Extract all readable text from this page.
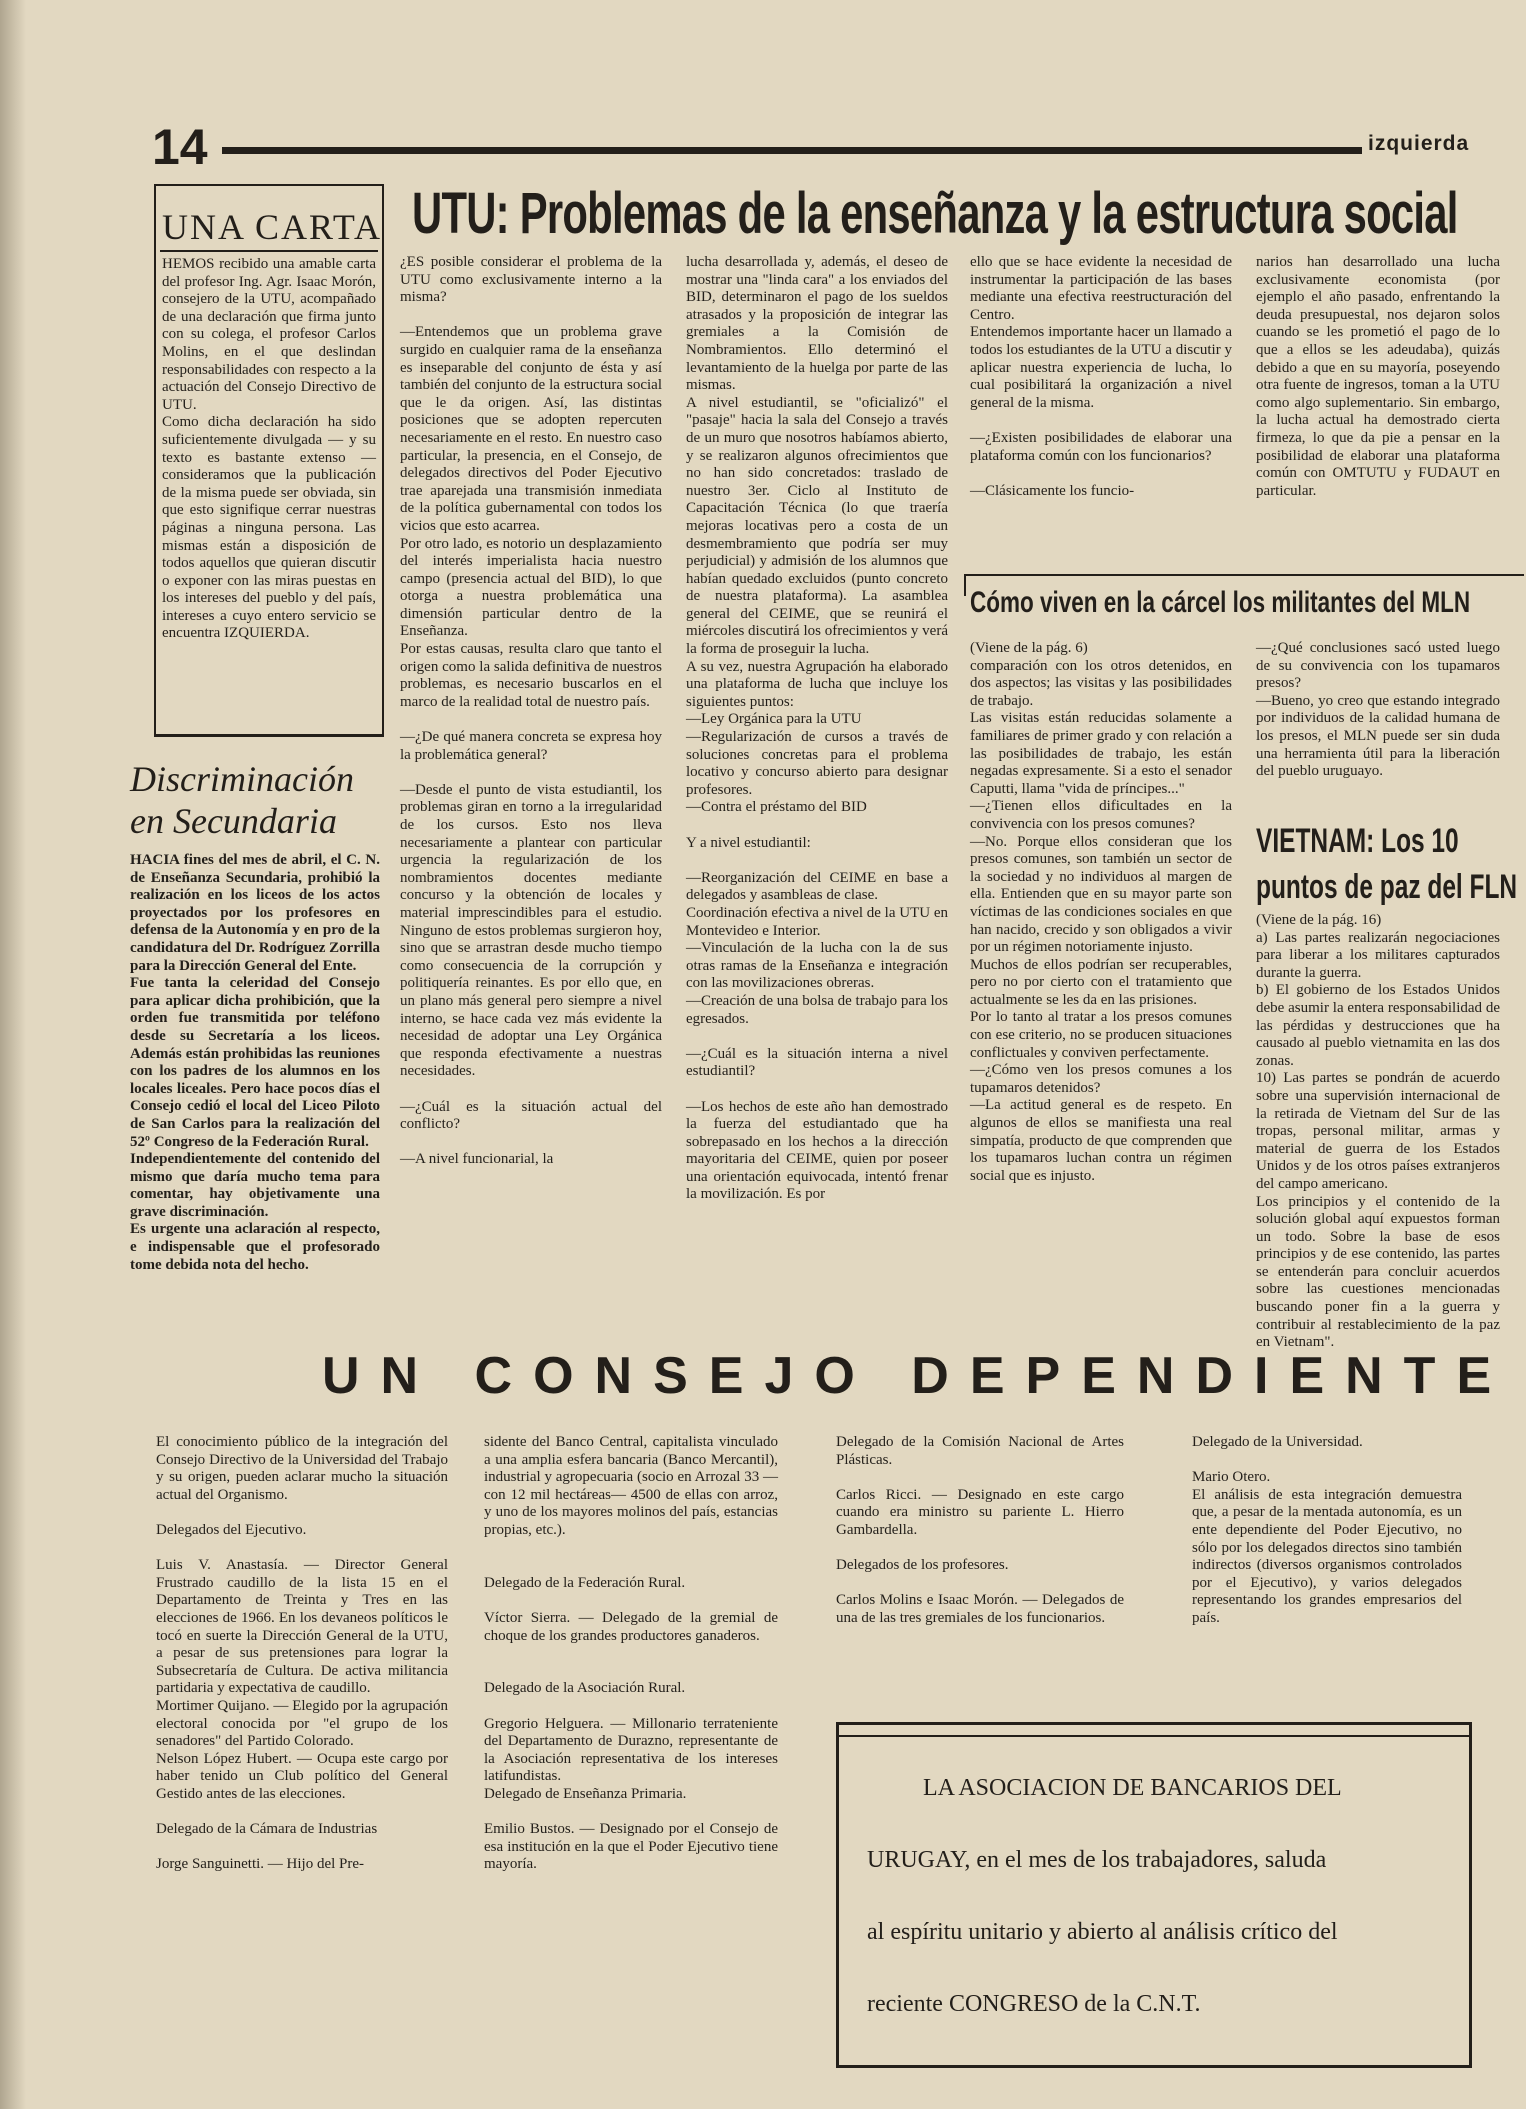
14	izquierda
UNA CARTA
HEMOS recibido una amable carta del profesor Ing. Agr. Isaac Morón, consejero de la UTU, acompañado de una declaración que firma junto con su colega, el profesor Carlos Molins, en el que deslindan responsabilidades con respecto a la actuación del Consejo Directivo de UTU.
Como dicha declaración ha sido suficientemente divulgada — y su texto es bastante extenso — consideramos que la publicación de la misma puede ser obviada, sin que esto signifique cerrar nuestras páginas a ninguna persona. Las mismas están a disposición de todos aquellos que quieran discutir o exponer con las miras puestas en los intereses del pueblo y del país, intereses a cuyo entero servicio se encuentra IZQUIERDA.
Discriminación
en Secundaria
HACIA fines del mes de abril, el C. N. de Enseñanza Secundaria, prohibió la realización en los liceos de los actos proyectados por los profesores en defensa de la Autonomía y en pro de la candidatura del Dr. Rodríguez Zorrilla para la Dirección General del Ente.
Fue tanta la celeridad del Consejo para aplicar dicha prohibición, que la orden fue transmitida por teléfono desde su Secretaría a los liceos. Además están prohibidas las reuniones con los padres de los alumnos en los locales liceales. Pero hace pocos días el Consejo cedió el local del Liceo Piloto de San Carlos para la realización del 52º Congreso de la Federación Rural.
Independientemente del contenido del mismo que daría mucho tema para comentar, hay objetivamente una grave discriminación.
Es urgente una aclaración al respecto, e indispensable que el profesorado tome debida nota del hecho.
UTU: Problemas de la enseñanza y la estructura social
¿ES posible considerar el problema de la UTU como exclusivamente interno a la misma?

—Entendemos que un problema grave surgido en cualquier rama de la enseñanza es inseparable del conjunto de ésta y así también del conjunto de la estructura social que le da origen. Así, las distintas posiciones que se adopten repercuten necesariamente en el resto. En nuestro caso particular, la presencia, en el Consejo, de delegados directivos del Poder Ejecutivo trae aparejada una transmisión inmediata de la política gubernamental con todos los vicios que esto acarrea.
Por otro lado, es notorio un desplazamiento del interés imperialista hacia nuestro campo (presencia actual del BID), lo que otorga a nuestra problemática una dimensión particular dentro de la Enseñanza.
Por estas causas, resulta claro que tanto el origen como la salida definitiva de nuestros problemas, es necesario buscarlos en el marco de la realidad total de nuestro país.

—¿De qué manera concreta se expresa hoy la problemática general?

—Desde el punto de vista estudiantil, los problemas giran en torno a la irregularidad de los cursos. Esto nos lleva necesariamente a plantear con particular urgencia la regularización de los nombramientos docentes mediante concurso y la obtención de locales y material imprescindibles para el estudio. Ninguno de estos problemas surgieron hoy, sino que se arrastran desde mucho tiempo como consecuencia de la corrupción y politiquería reinantes. Es por ello que, en un plano más general pero siempre a nivel interno, se hace cada vez más evidente la necesidad de adoptar una Ley Orgánica que responda efectivamente a nuestras necesidades.

—¿Cuál es la situación actual del conflicto?

—A nivel funcionarial, la
lucha desarrollada y, además, el deseo de mostrar una "linda cara" a los enviados del BID, determinaron el pago de los sueldos atrasados y la proposición de integrar las gremiales a la Comisión de Nombramientos. Ello determinó el levantamiento de la huelga por parte de las mismas.
A nivel estudiantil, se "oficializó" el "pasaje" hacia la sala del Consejo a través de un muro que nosotros habíamos abierto, y se realizaron algunos ofrecimientos que no han sido concretados: traslado de nuestro 3er. Ciclo al Instituto de Capacitación Técnica (lo que traería mejoras locativas pero a costa de un desmembramiento que podría ser muy perjudicial) y admisión de los alumnos que habían quedado excluidos (punto concreto de nuestra plataforma). La asamblea general del CEIME, que se reunirá el miércoles discutirá los ofrecimientos y verá la forma de proseguir la lucha.
A su vez, nuestra Agrupación ha elaborado una plataforma de lucha que incluye los siguientes puntos:
—Ley Orgánica para la UTU
—Regularización de cursos a través de soluciones concretas para el problema locativo y concurso abierto para designar profesores.
—Contra el préstamo del BID

Y a nivel estudiantil:

—Reorganización del CEIME en base a delegados y asambleas de clase.
Coordinación efectiva a nivel de la UTU en Montevideo e Interior.
—Vinculación de la lucha con la de sus otras ramas de la Enseñanza e integración con las movilizaciones obreras.
—Creación de una bolsa de trabajo para los egresados.

—¿Cuál es la situación interna a nivel estudiantil?

—Los hechos de este año han demostrado la fuerza del estudiantado que ha sobrepasado en los hechos a la dirección mayoritaria del CEIME, quien por poseer una orientación equivocada, intentó frenar la movilización. Es por
ello que se hace evidente la necesidad de instrumentar la participación de las bases mediante una efectiva reestructuración del Centro.
Entendemos importante hacer un llamado a todos los estudiantes de la UTU a discutir y aplicar nuestra experiencia de lucha, lo cual posibilitará la organización a nivel general de la misma.

—¿Existen posibilidades de elaborar una plataforma común con los funcionarios?

—Clásicamente los funcio-
narios han desarrollado una lucha exclusivamente economista (por ejemplo el año pasado, enfrentando la deuda presupuestal, nos dejaron solos cuando se les prometió el pago de lo que a ellos se les adeudaba), quizás debido a que en su mayoría, poseyendo otra fuente de ingresos, toman a la UTU como algo suplementario. Sin embargo, la lucha actual ha demostrado cierta firmeza, lo que da pie a pensar en la posibilidad de elaborar una plataforma común con OMTUTU y FUDAUT en particular.
Cómo viven en la cárcel los militantes del MLN
(Viene de la pág. 6)
comparación con los otros detenidos, en dos aspectos; las visitas y las posibilidades de trabajo.
Las visitas están reducidas solamente a familiares de primer grado y con relación a las posibilidades de trabajo, les están negadas expresamente. Si a esto el senador Caputti, llama "vida de príncipes..."
—¿Tienen ellos dificultades en la convivencia con los presos comunes?
—No. Porque ellos consideran que los presos comunes, son también un sector de la sociedad y no individuos al margen de ella. Entienden que en su mayor parte son víctimas de las condiciones sociales en que han nacido, crecido y son obligados a vivir por un régimen notoriamente injusto.
Muchos de ellos podrían ser recuperables, pero no por cierto con el tratamiento que actualmente se les da en las prisiones.
Por lo tanto al tratar a los presos comunes con ese criterio, no se producen situaciones conflictuales y conviven perfectamente.
—¿Cómo ven los presos comunes a los tupamaros detenidos?
—La actitud general es de respeto. En algunos de ellos se manifiesta una real simpatía, producto de que comprenden que los tupamaros luchan contra un régimen social que es injusto.
—¿Qué conclusiones sacó usted luego de su convivencia con los tupamaros presos?
—Bueno, yo creo que estando integrado por individuos de la calidad humana de los presos, el MLN puede ser sin duda una herramienta útil para la liberación del pueblo uruguayo.
VIETNAM: Los 10
puntos de paz del FLN
(Viene de la pág. 16)
a) Las partes realizarán negociaciones para liberar a los militares capturados durante la guerra.
b) El gobierno de los Estados Unidos debe asumir la entera responsabilidad de las pérdidas y destrucciones que ha causado al pueblo vietnamita en las dos zonas.
10) Las partes se pondrán de acuerdo sobre una supervisión internacional de la retirada de Vietnam del Sur de las tropas, personal militar, armas y material de guerra de los Estados Unidos y de los otros países extranjeros del campo americano.
Los principios y el contenido de la solución global aquí expuestos forman un todo. Sobre la base de esos principios y de ese contenido, las partes se entenderán para concluir acuerdos sobre las cuestiones mencionadas buscando poner fin a la guerra y contribuir al restablecimiento de la paz en Vietnam".
UN CONSEJO DEPENDIENTE
El conocimiento público de la integración del Consejo Directivo de la Universidad del Trabajo y su origen, pueden aclarar mucho la situación actual del Organismo.

Delegados del Ejecutivo.

Luis V. Anastasía. — Director General Frustrado caudillo de la lista 15 en el Departamento de Treinta y Tres en las elecciones de 1966. En los devaneos políticos le tocó en suerte la Dirección General de la UTU, a pesar de sus pretensiones para lograr la Subsecretaría de Cultura. De activa militancia partidaria y expectativa de caudillo.
Mortimer Quijano. — Elegido por la agrupación electoral conocida por "el grupo de los senadores" del Partido Colorado.
Nelson López Hubert. — Ocupa este cargo por haber tenido un Club político del General Gestido antes de las elecciones.

Delegado de la Cámara de Industrias

Jorge Sanguinetti. — Hijo del Pre-
sidente del Banco Central, capitalista vinculado a una amplia esfera bancaria (Banco Mercantil), industrial y agropecuaria (socio en Arrozal 33 —con 12 mil hectáreas— 4500 de ellas con arroz, y uno de los mayores molinos del país, estancias propias, etc.).

Delegado de la Federación Rural.

Víctor Sierra. — Delegado de la gremial de choque de los grandes productores ganaderos.

Delegado de la Asociación Rural.

Gregorio Helguera. — Millonario terrateniente del Departamento de Durazno, representante de la Asociación representativa de los intereses latifundistas.
Delegado de Enseñanza Primaria.

Emilio Bustos. — Designado por el Consejo de esa institución en la que el Poder Ejecutivo tiene mayoría.
Delegado de la Comisión Nacional de Artes Plásticas.

Carlos Ricci. — Designado en este cargo cuando era ministro su pariente L. Hierro Gambardella.

Delegados de los profesores.

Carlos Molins e Isaac Morón. — Delegados de una de las tres gremiales de los funcionarios.
Delegado de la Universidad.

Mario Otero.
El análisis de esta integración demuestra que, a pesar de la mentada autonomía, es un ente dependiente del Poder Ejecutivo, no sólo por los delegados directos sino también indirectos (diversos organismos controlados por el Ejecutivo), y varios delegados representando los grandes empresarios del país.
LA ASOCIACION DE BANCARIOS DEL
URUGAY, en el mes de los trabajadores, saluda
al espíritu unitario y abierto al análisis crítico del
reciente CONGRESO de la C.N.T.
